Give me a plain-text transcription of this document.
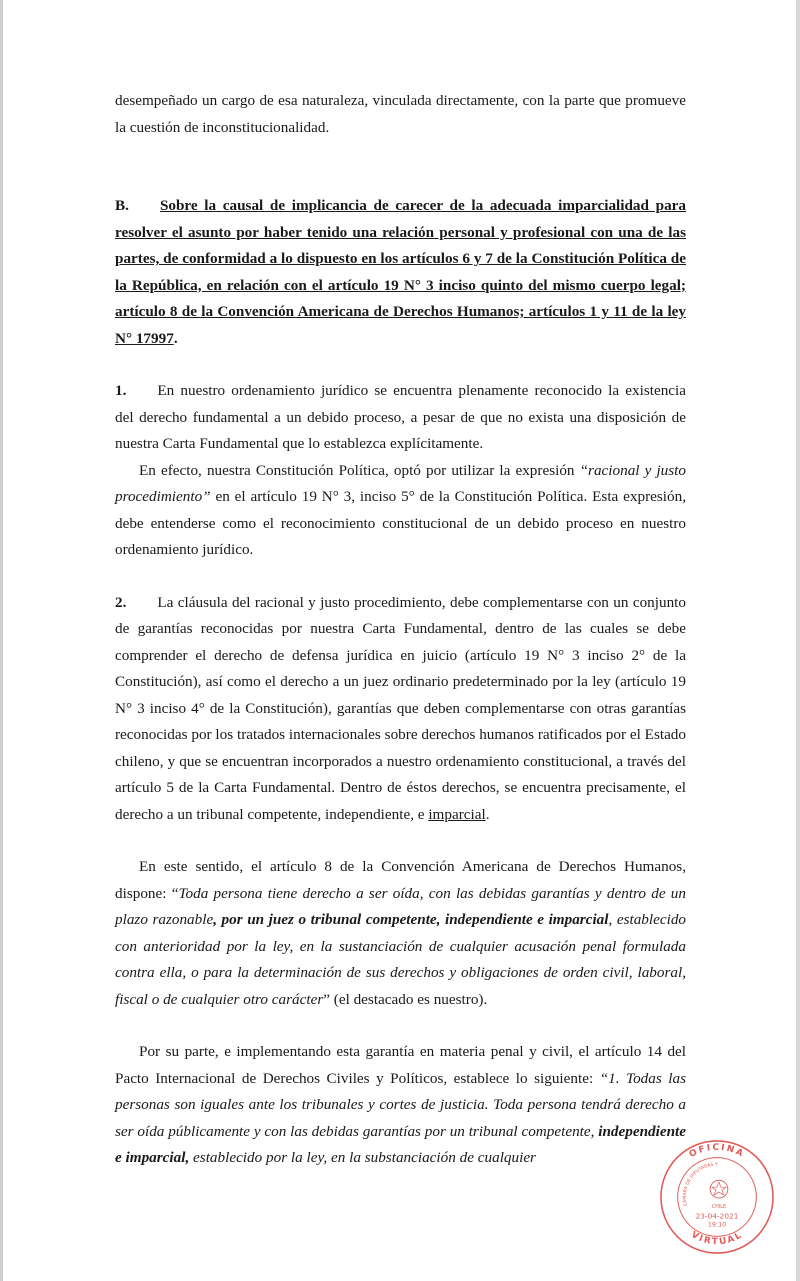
desempeñado un cargo de esa naturaleza, vinculada directamente, con la parte que promueve la cuestión de inconstitucionalidad.

B. Sobre la causal de implicancia de carecer de la adecuada imparcialidad para resolver el asunto por haber tenido una relación personal y profesional con una de las partes, de conformidad a lo dispuesto en los artículos 6 y 7 de la Constitución Política de la República, en relación con el artículo 19 N° 3 inciso quinto del mismo cuerpo legal; artículo 8 de la Convención Americana de Derechos Humanos; artículos 1 y 11 de la ley N° 17997.

1. En nuestro ordenamiento jurídico se encuentra plenamente reconocido la existencia del derecho fundamental a un debido proceso, a pesar de que no exista una disposición de nuestra Carta Fundamental que lo establezca explícitamente.

En efecto, nuestra Constitución Política, optó por utilizar la expresión “racional y justo procedimiento” en el artículo 19 N° 3, inciso 5° de la Constitución Política. Esta expresión, debe entenderse como el reconocimiento constitucional de un debido proceso en nuestro ordenamiento jurídico.

2. La cláusula del racional y justo procedimiento, debe complementarse con un conjunto de garantías reconocidas por nuestra Carta Fundamental, dentro de las cuales se debe comprender el derecho de defensa jurídica en juicio (artículo 19 N° 3 inciso 2° de la Constitución), así como el derecho a un juez ordinario predeterminado por la ley (artículo 19 N° 3 inciso 4° de la Constitución), garantías que deben complementarse con otras garantías reconocidas por los tratados internacionales sobre derechos humanos ratificados por el Estado chileno, y que se encuentran incorporados a nuestro ordenamiento constitucional, a través del artículo 5 de la Carta Fundamental. Dentro de éstos derechos, se encuentra precisamente, el derecho a un tribunal competente, independiente, e imparcial.

En este sentido, el artículo 8 de la Convención Americana de Derechos Humanos, dispone: “Toda persona tiene derecho a ser oída, con las debidas garantías y dentro de un plazo razonable, por un juez o tribunal competente, independiente e imparcial, establecido con anterioridad por la ley, en la sustanciación de cualquier acusación penal formulada contra ella, o para la determinación de sus derechos y obligaciones de orden civil, laboral, fiscal o de cualquier otro carácter” (el destacado es nuestro).

Por su parte, e implementando esta garantía en materia penal y civil, el artículo 14 del Pacto Internacional de Derechos Civiles y Políticos, establece lo siguiente: “1. Todas las personas son iguales ante los tribunales y cortes de justicia. Toda persona tendrá derecho a ser oída públicamente y con las debidas garantías por un tribunal competente, independiente e imparcial, establecido por la ley, en la substanciación de cualquier	OFICINA
VIRTUAL
CÁMARA DE DIPUTADAS Y
CHILE
23-04-2021
19:10
